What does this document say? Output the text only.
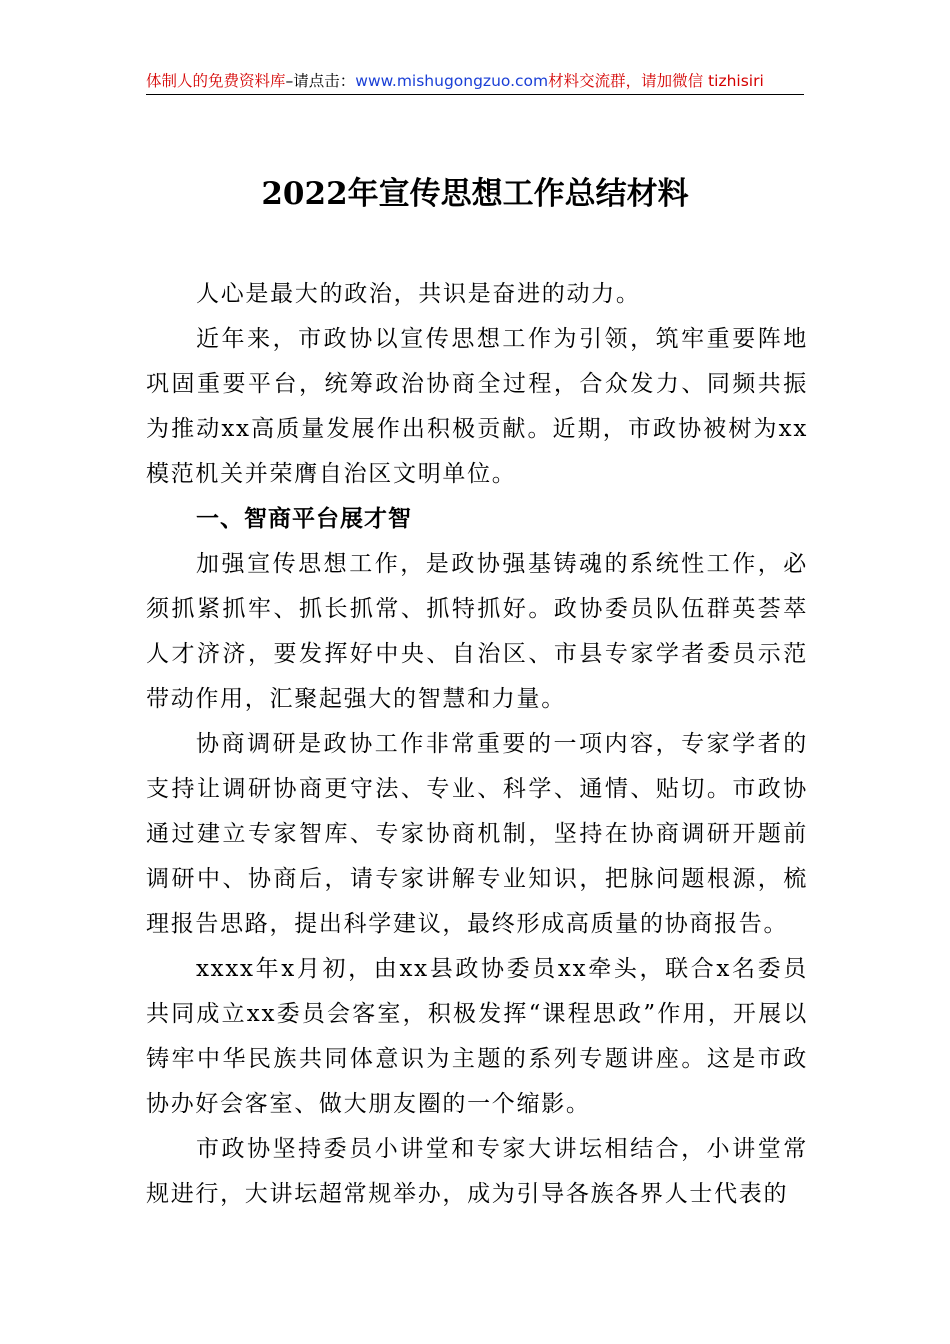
体制人的免费资料库–请点击：www.mishugongzuo.com材料交流群，请加微信 tizhisiri
2022年宣传思想工作总结材料

人心是最大的政治，共识是奋进的动力。

近年来，市政协以宣传思想工作为引领，筑牢重要阵地巩固重要平台，统筹政治协商全过程，合众发力、同频共振为推动xx高质量发展作出积极贡献。近期，市政协被树为xx模范机关并荣膺自治区文明单位。

一、智商平台展才智

加强宣传思想工作，是政协强基铸魂的系统性工作，必须抓紧抓牢、抓长抓常、抓特抓好。政协委员队伍群英荟萃人才济济，要发挥好中央、自治区、市县专家学者委员示范带动作用，汇聚起强大的智慧和力量。

协商调研是政协工作非常重要的一项内容，专家学者的支持让调研协商更守法、专业、科学、通情、贴切。市政协通过建立专家智库、专家协商机制，坚持在协商调研开题前调研中、协商后，请专家讲解专业知识，把脉问题根源，梳理报告思路，提出科学建议，最终形成高质量的协商报告。

xxxx年x月初，由xx县政协委员xx牵头，联合x名委员共同成立xx委员会客室，积极发挥“课程思政”作用，开展以铸牢中华民族共同体意识为主题的系列专题讲座。这是市政协办好会客室、做大朋友圈的一个缩影。

市政协坚持委员小讲堂和专家大讲坛相结合，小讲堂常规进行，大讲坛超常规举办，成为引导各族各界人士代表的
